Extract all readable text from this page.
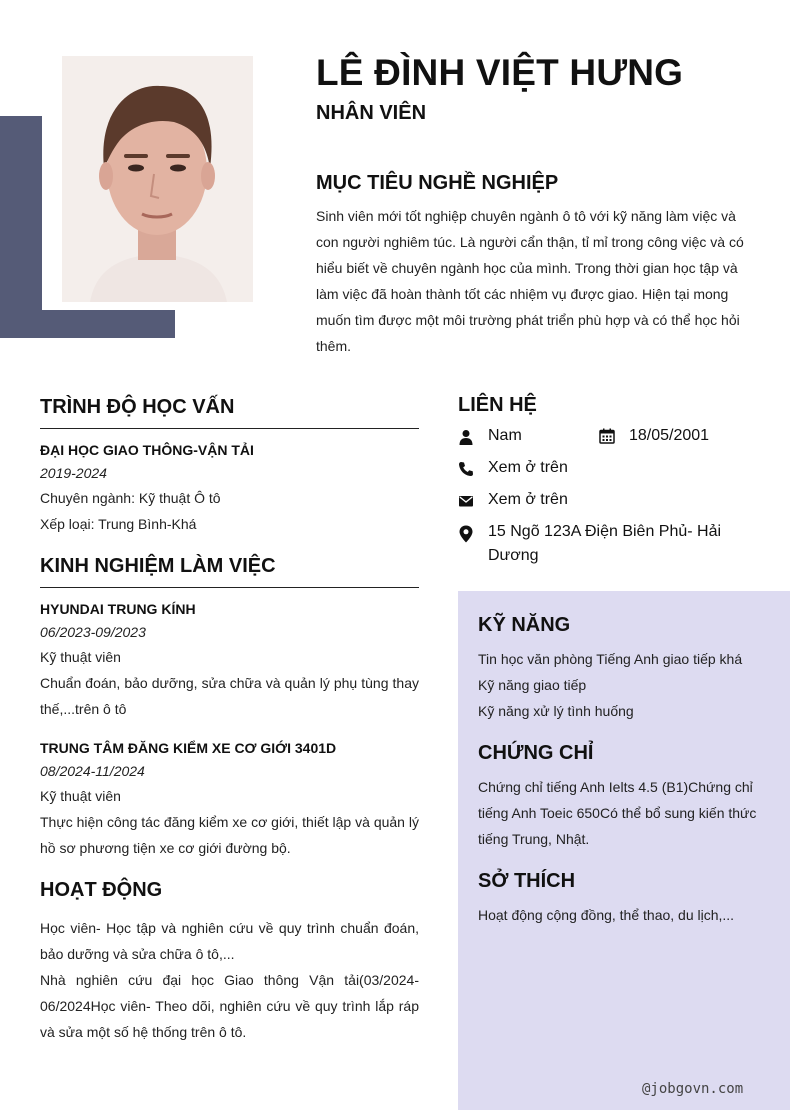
LÊ ĐÌNH VIỆT HƯNG
NHÂN VIÊN
MỤC TIÊU NGHỀ NGHIỆP
Sinh viên mới tốt nghiệp chuyên ngành ô tô với kỹ năng làm việc và con người nghiêm túc. Là người cẩn thận, tỉ mỉ trong công việc và có hiểu biết về chuyên ngành học của mình. Trong thời gian học tập và làm việc đã hoàn thành tốt các nhiệm vụ được giao. Hiện tại mong muốn tìm được một môi trường phát triển phù hợp và có thể học hỏi thêm.
TRÌNH ĐỘ HỌC VẤN
ĐẠI HỌC GIAO THÔNG-VẬN TẢI
2019-2024
Chuyên ngành: Kỹ thuật Ô tô
Xếp loại: Trung Bình-Khá
KINH NGHIỆM LÀM VIỆC
HYUNDAI TRUNG KÍNH
06/2023-09/2023
Kỹ thuật viên
Chuẩn đoán, bảo dưỡng, sửa chữa và quản lý phụ tùng thay thế,...trên ô tô
TRUNG TÂM ĐĂNG KIỂM XE CƠ GIỚI 3401D
08/2024-11/2024
Kỹ thuật viên
Thực hiện công tác đăng kiểm xe cơ giới, thiết lập và quản lý hồ sơ phương tiện xe cơ giới đường bộ.
HOẠT ĐỘNG
Học viên- Học tập và nghiên cứu về quy trình chuẩn đoán, bảo dưỡng và sửa chữa ô tô,...
Nhà nghiên cứu đại học Giao thông Vận tải(03/2024-06/2024Học viên- Theo dõi, nghiên cứu về quy trình lắp ráp và sửa một số hệ thống trên ô tô.
LIÊN HỆ
Nam	18/05/2001
Xem ở trên
Xem ở trên
15 Ngõ 123A Điện Biên Phủ- Hải Dương
KỸ NĂNG
Tin học văn phòng Tiếng Anh giao tiếp khá
Kỹ năng giao tiếp
Kỹ năng xử lý tình huống
CHỨNG CHỈ
Chứng chỉ tiếng Anh Ielts 4.5 (B1)Chứng chỉ tiếng Anh Toeic 650Có thể bổ sung kiến thức tiếng Trung, Nhật.
SỞ THÍCH
Hoạt động cộng đồng, thể thao, du lịch,...
@jobgovn.com
